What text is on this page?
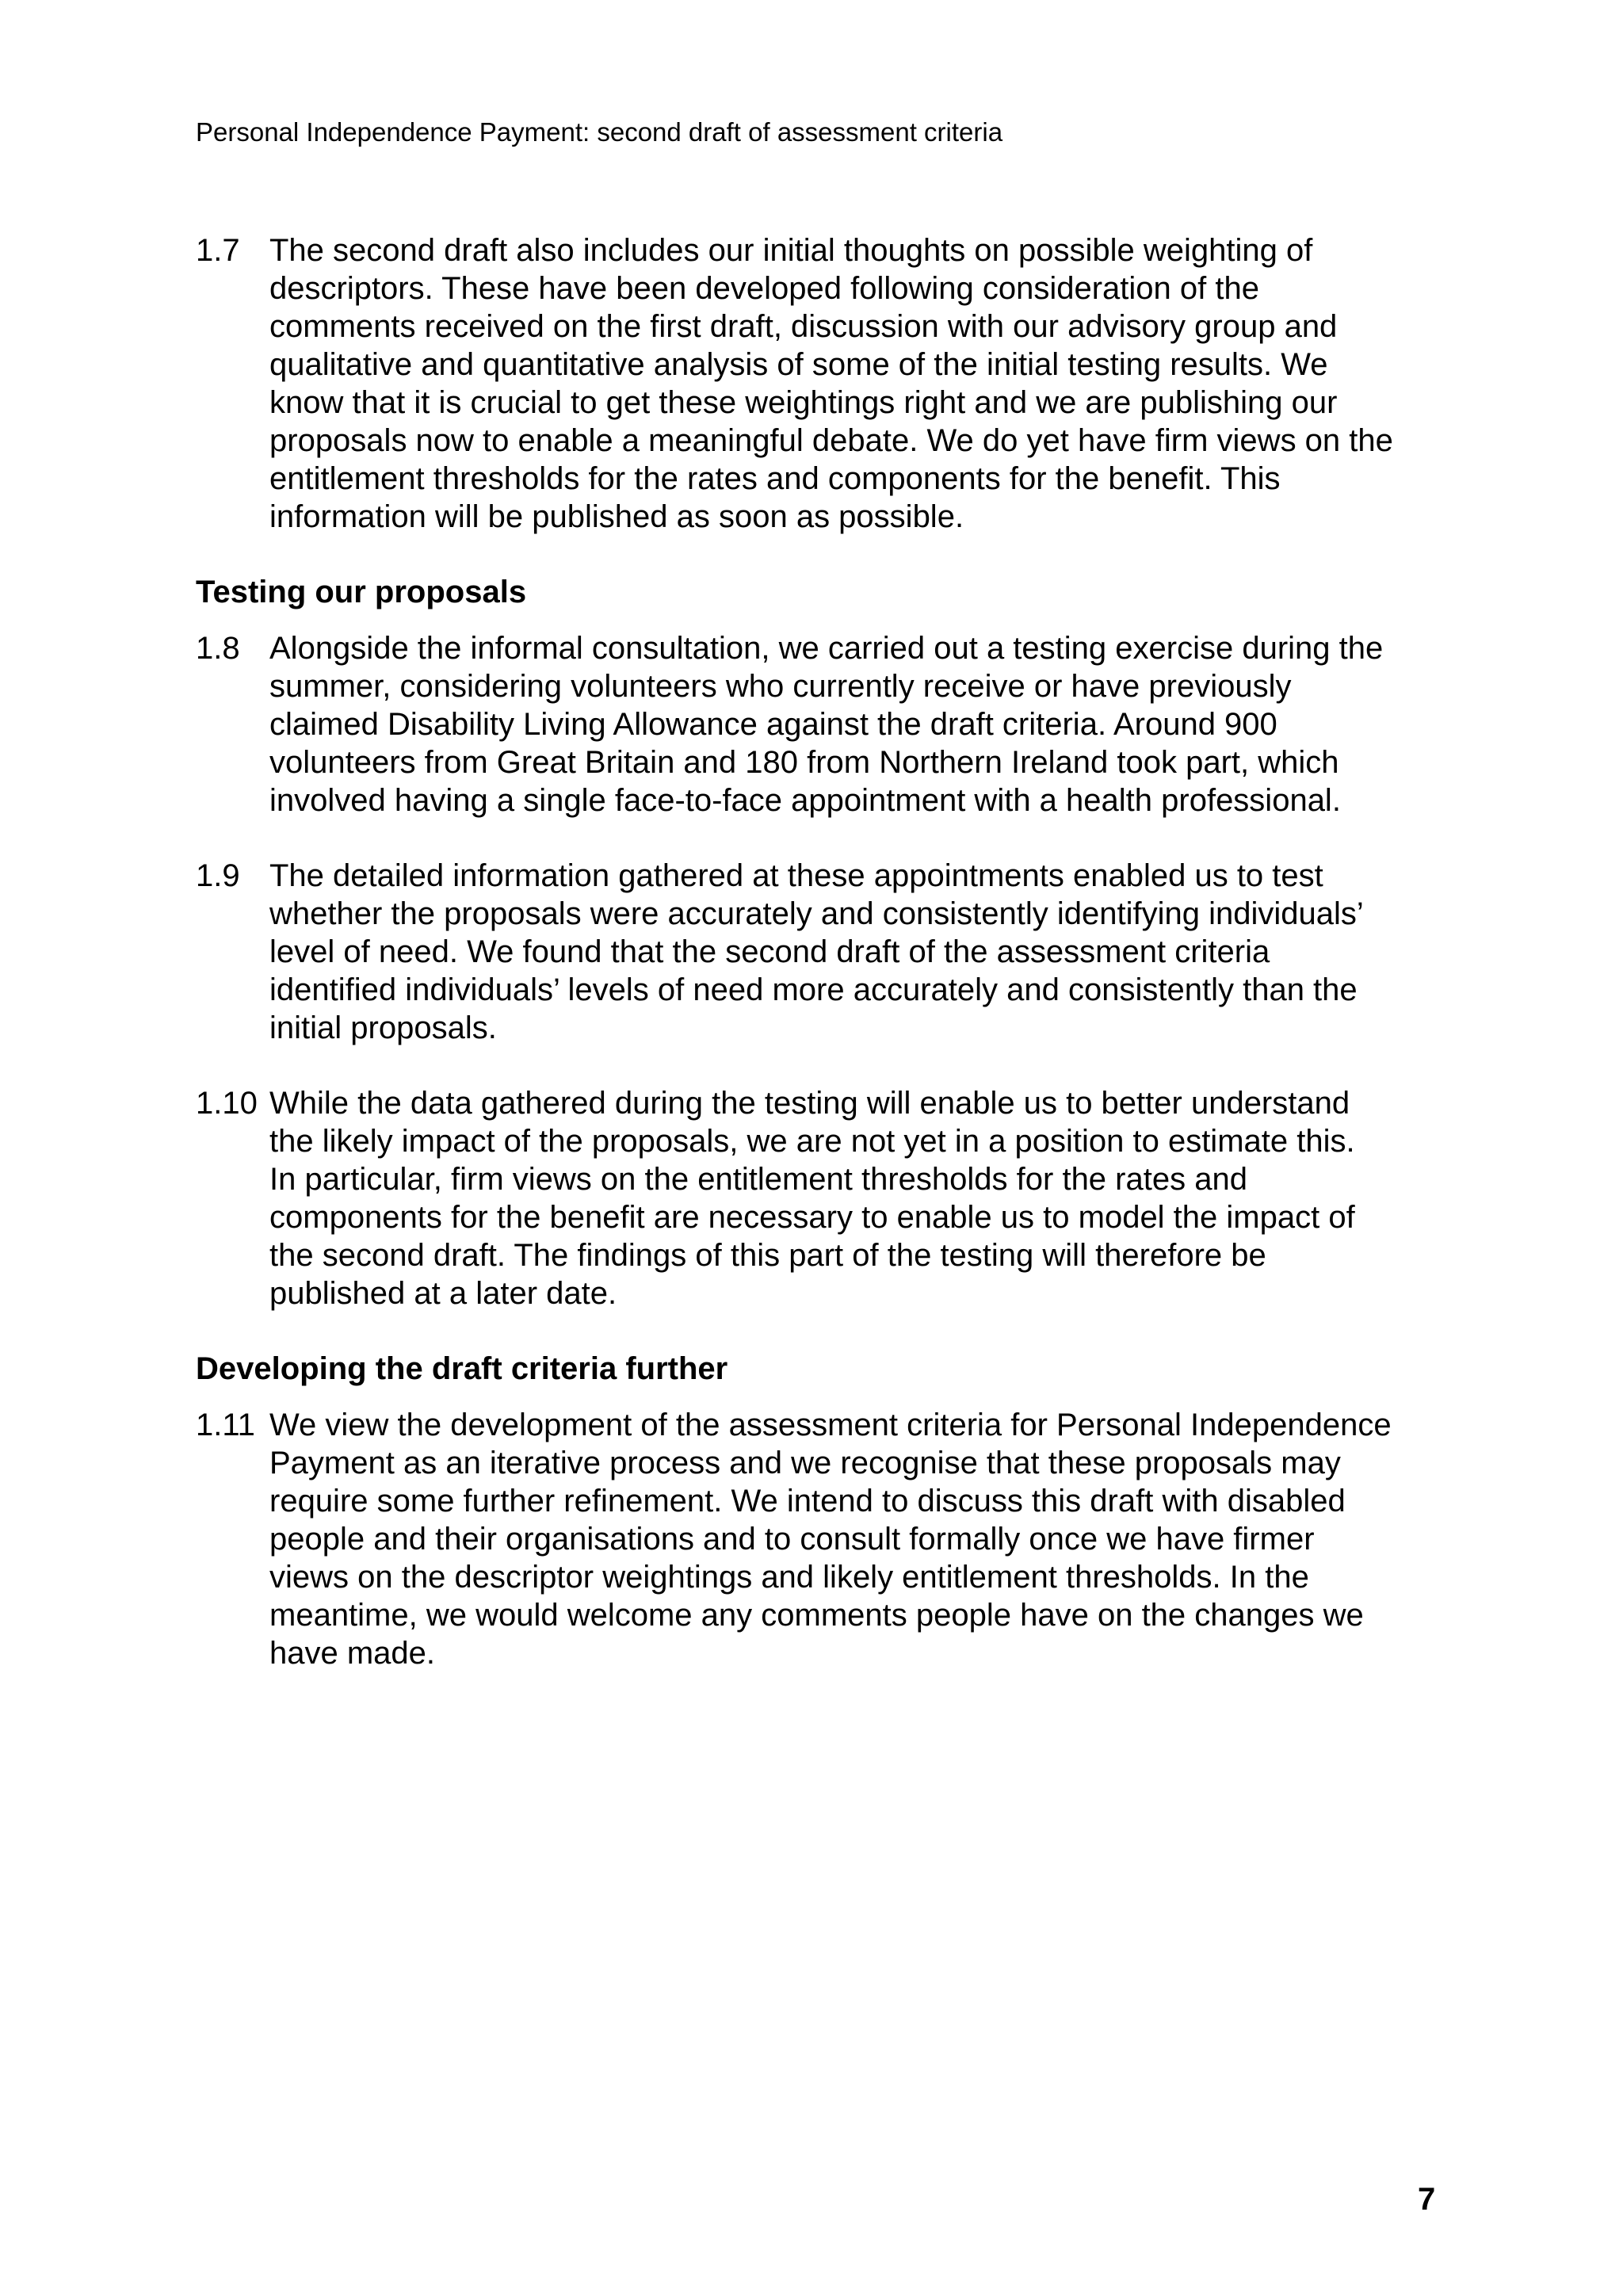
Personal Independence Payment: second draft of assessment criteria
1.7 The second draft also includes our initial thoughts on possible weighting of
descriptors. These have been developed following consideration of the
comments received on the first draft, discussion with our advisory group and
qualitative and quantitative analysis of some of the initial testing results. We
know that it is crucial to get these weightings right and we are publishing our
proposals now to enable a meaningful debate. We do yet have firm views on the
entitlement thresholds for the rates and components for the benefit. This
information will be published as soon as possible.
Testing our proposals
1.8 Alongside the informal consultation, we carried out a testing exercise during the
summer, considering volunteers who currently receive or have previously
claimed Disability Living Allowance against the draft criteria. Around 900
volunteers from Great Britain and 180 from Northern Ireland took part, which
involved having a single face-to-face appointment with a health professional.
1.9 The detailed information gathered at these appointments enabled us to test
whether the proposals were accurately and consistently identifying individuals’
level of need. We found that the second draft of the assessment criteria
identified individuals’ levels of need more accurately and consistently than the
initial proposals.
1.10 While the data gathered during the testing will enable us to better understand
the likely impact of the proposals, we are not yet in a position to estimate this.
In particular, firm views on the entitlement thresholds for the rates and
components for the benefit are necessary to enable us to model the impact of
the second draft. The findings of this part of the testing will therefore be
published at a later date.
Developing the draft criteria further
1.11 We view the development of the assessment criteria for Personal Independence
Payment as an iterative process and we recognise that these proposals may
require some further refinement. We intend to discuss this draft with disabled
people and their organisations and to consult formally once we have firmer
views on the descriptor weightings and likely entitlement thresholds. In the
meantime, we would welcome any comments people have on the changes we
have made.
7
